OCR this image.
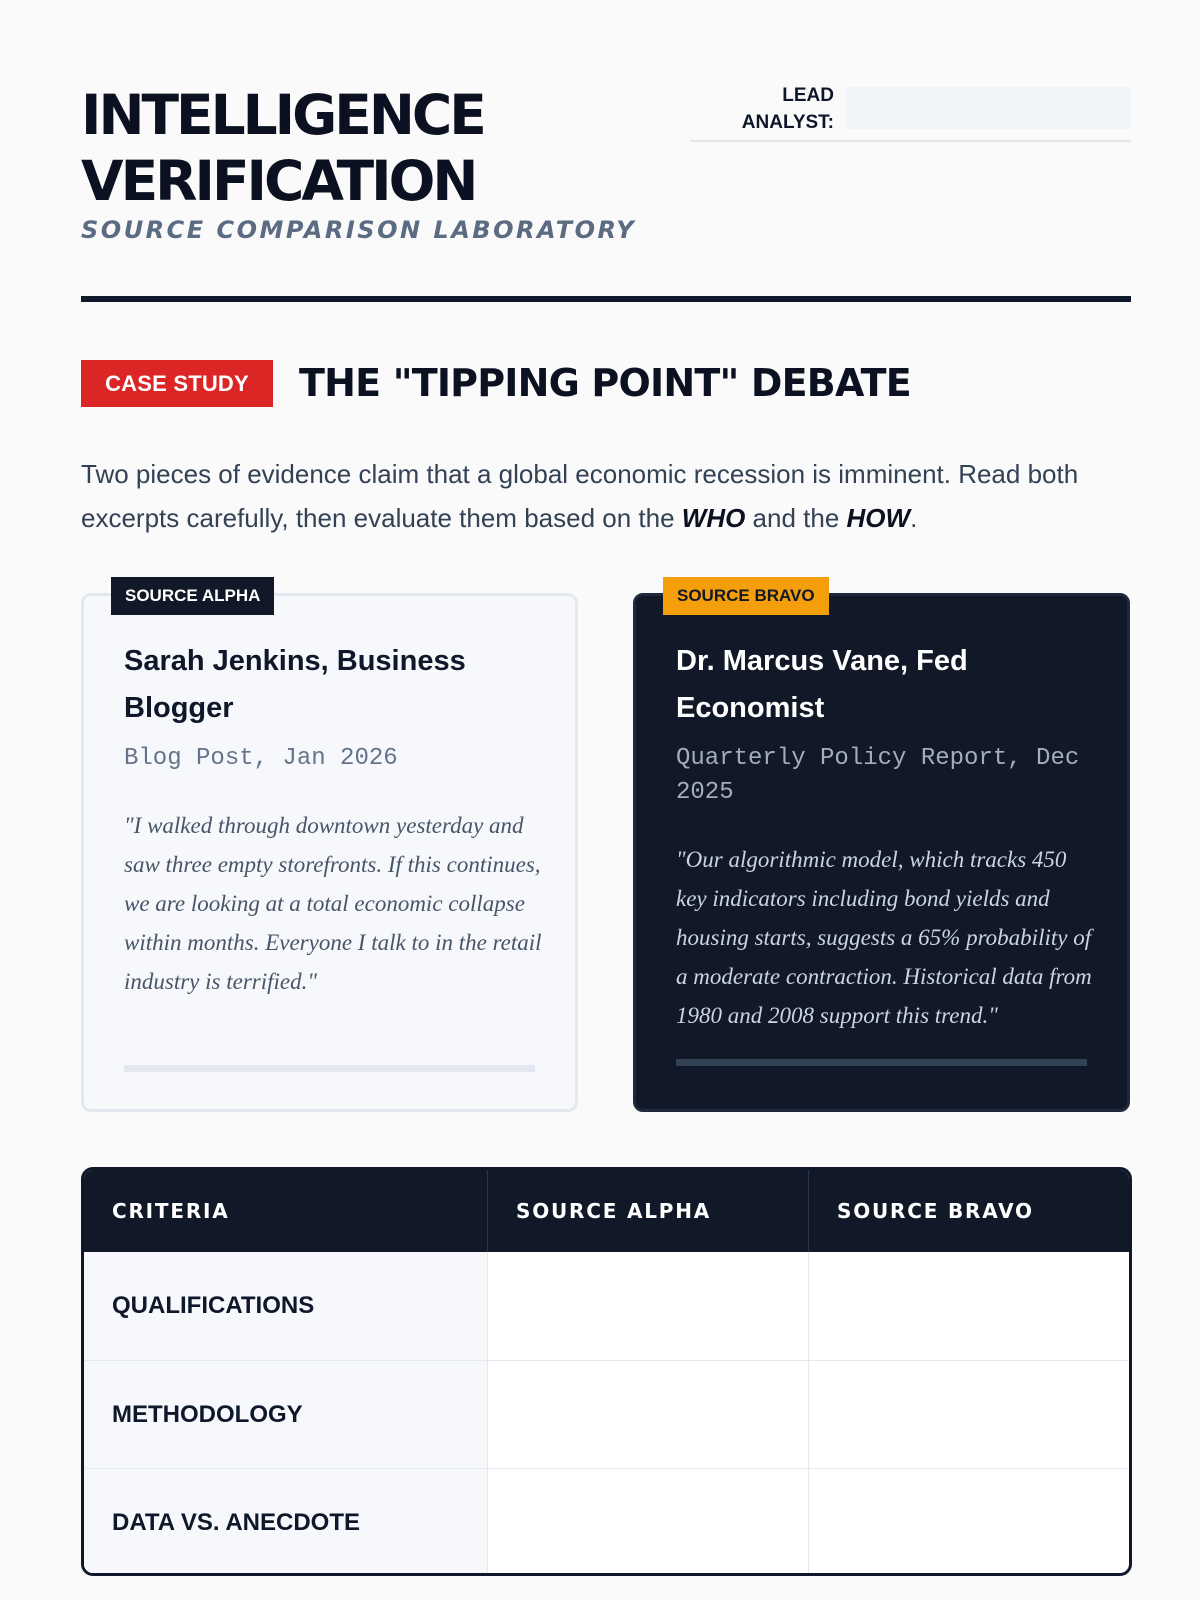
INTELLIGENCE
VERIFICATION
SOURCE COMPARISON LABORATORY
LEAD
ANALYST:
CASE STUDY	THE "TIPPING POINT" DEBATE

Two pieces of evidence claim that a global economic recession is imminent. Read both excerpts carefully, then evaluate them based on the WHO and the HOW.

SOURCE ALPHA
Sarah Jenkins, Business Blogger
Blog Post, Jan 2026
"I walked through downtown yesterday and saw three empty storefronts. If this continues, we are looking at a total economic collapse within months. Everyone I talk to in the retail industry is terrified."
SOURCE BRAVO
Dr. Marcus Vane, Fed Economist
Quarterly Policy Report, Dec 2025
"Our algorithmic model, which tracks 450 key indicators including bond yields and housing starts, suggests a 65% probability of a moderate contraction. Historical data from 1980 and 2008 support this trend."
CRITERIA	SOURCE ALPHA	SOURCE BRAVO
QUALIFICATIONS
METHODOLOGY
DATA VS. ANECDOTE
